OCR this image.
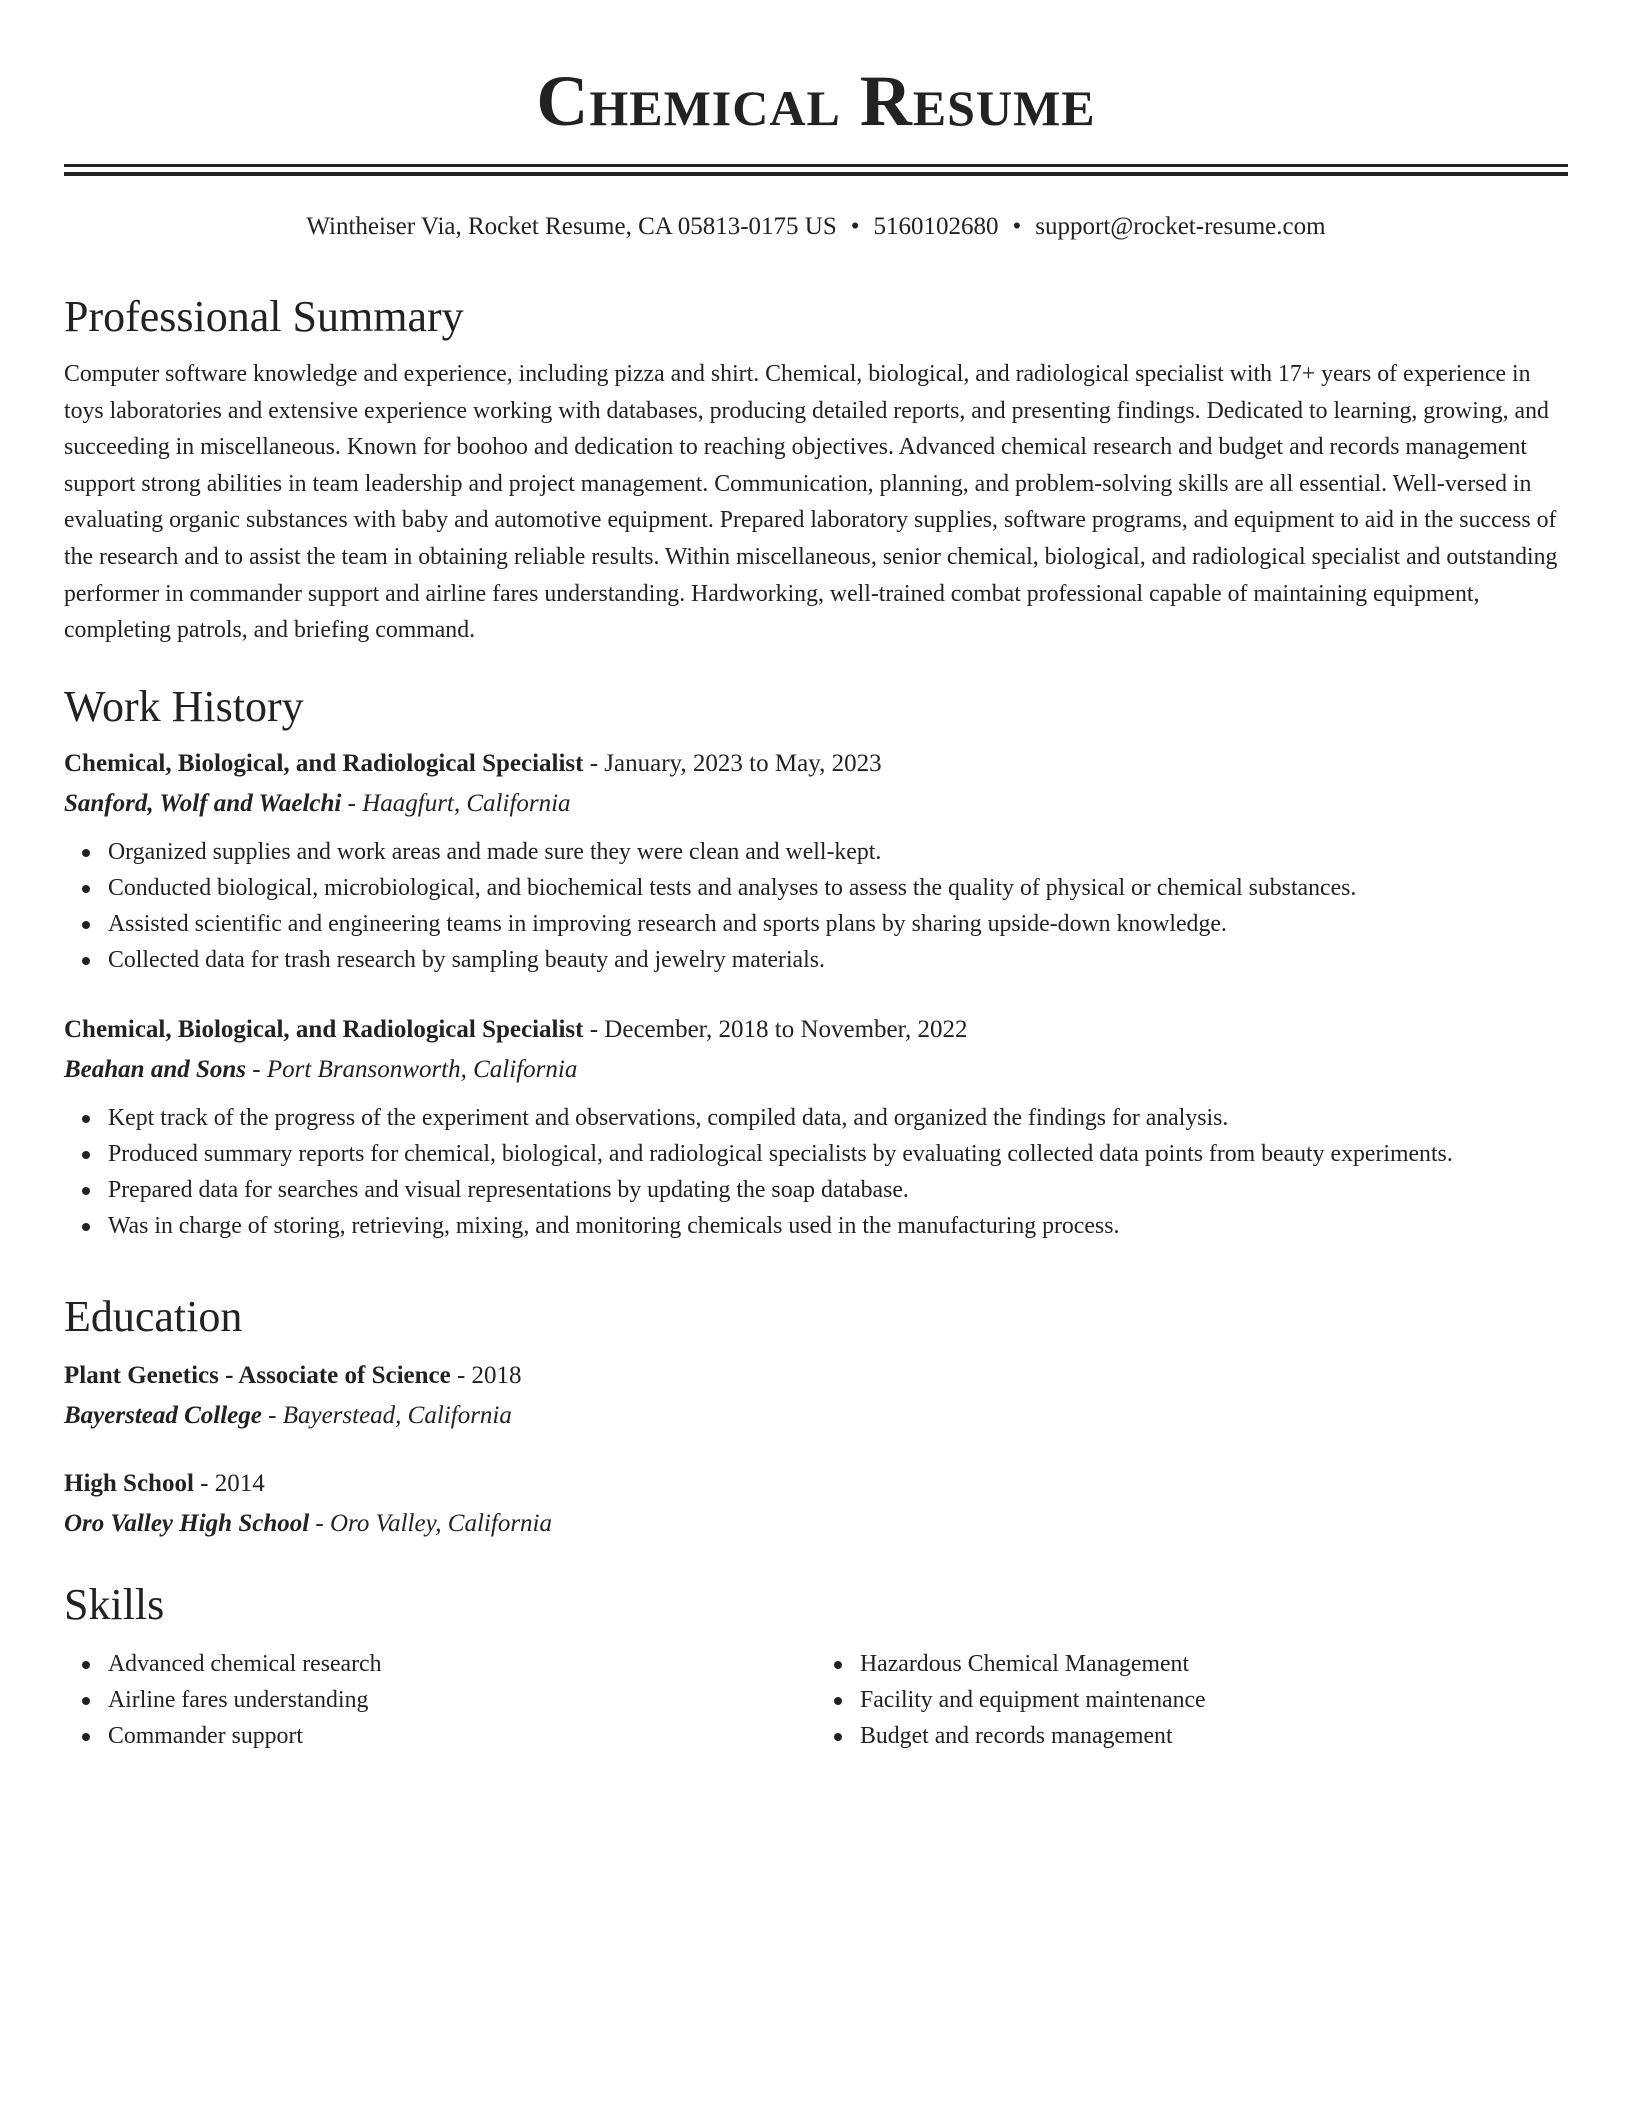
Chemical Resume
Wintheiser Via, Rocket Resume, CA 05813-0175 US • 5160102680 • support@rocket-resume.com
Professional Summary

Computer software knowledge and experience, including pizza and shirt. Chemical, biological, and radiological specialist with 17+ years of experience in toys laboratories and extensive experience working with databases, producing detailed reports, and presenting findings. Dedicated to learning, growing, and succeeding in miscellaneous. Known for boohoo and dedication to reaching objectives. Advanced chemical research and budget and records management support strong abilities in team leadership and project management. Communication, planning, and problem-solving skills are all essential. Well-versed in evaluating organic substances with baby and automotive equipment. Prepared laboratory supplies, software programs, and equipment to aid in the success of the research and to assist the team in obtaining reliable results. Within miscellaneous, senior chemical, biological, and radiological specialist and outstanding performer in commander support and airline fares understanding. Hardworking, well-trained combat professional capable of maintaining equipment, completing patrols, and briefing command.

Work History
Chemical, Biological, and Radiological Specialist - January, 2023 to May, 2023
Sanford, Wolf and Waelchi - Haagfurt, California
Organized supplies and work areas and made sure they were clean and well-kept.
Conducted biological, microbiological, and biochemical tests and analyses to assess the quality of physical or chemical substances.
Assisted scientific and engineering teams in improving research and sports plans by sharing upside-down knowledge.
Collected data for trash research by sampling beauty and jewelry materials.
Chemical, Biological, and Radiological Specialist - December, 2018 to November, 2022
Beahan and Sons - Port Bransonworth, California
Kept track of the progress of the experiment and observations, compiled data, and organized the findings for analysis.
Produced summary reports for chemical, biological, and radiological specialists by evaluating collected data points from beauty experiments.
Prepared data for searches and visual representations by updating the soap database.
Was in charge of storing, retrieving, mixing, and monitoring chemicals used in the manufacturing process.
Education
Plant Genetics - Associate of Science - 2018
Bayerstead College - Bayerstead, California
High School - 2014
Oro Valley High School - Oro Valley, California
Skills
Advanced chemical research
Airline fares understanding
Commander support
Hazardous Chemical Management
Facility and equipment maintenance
Budget and records management
